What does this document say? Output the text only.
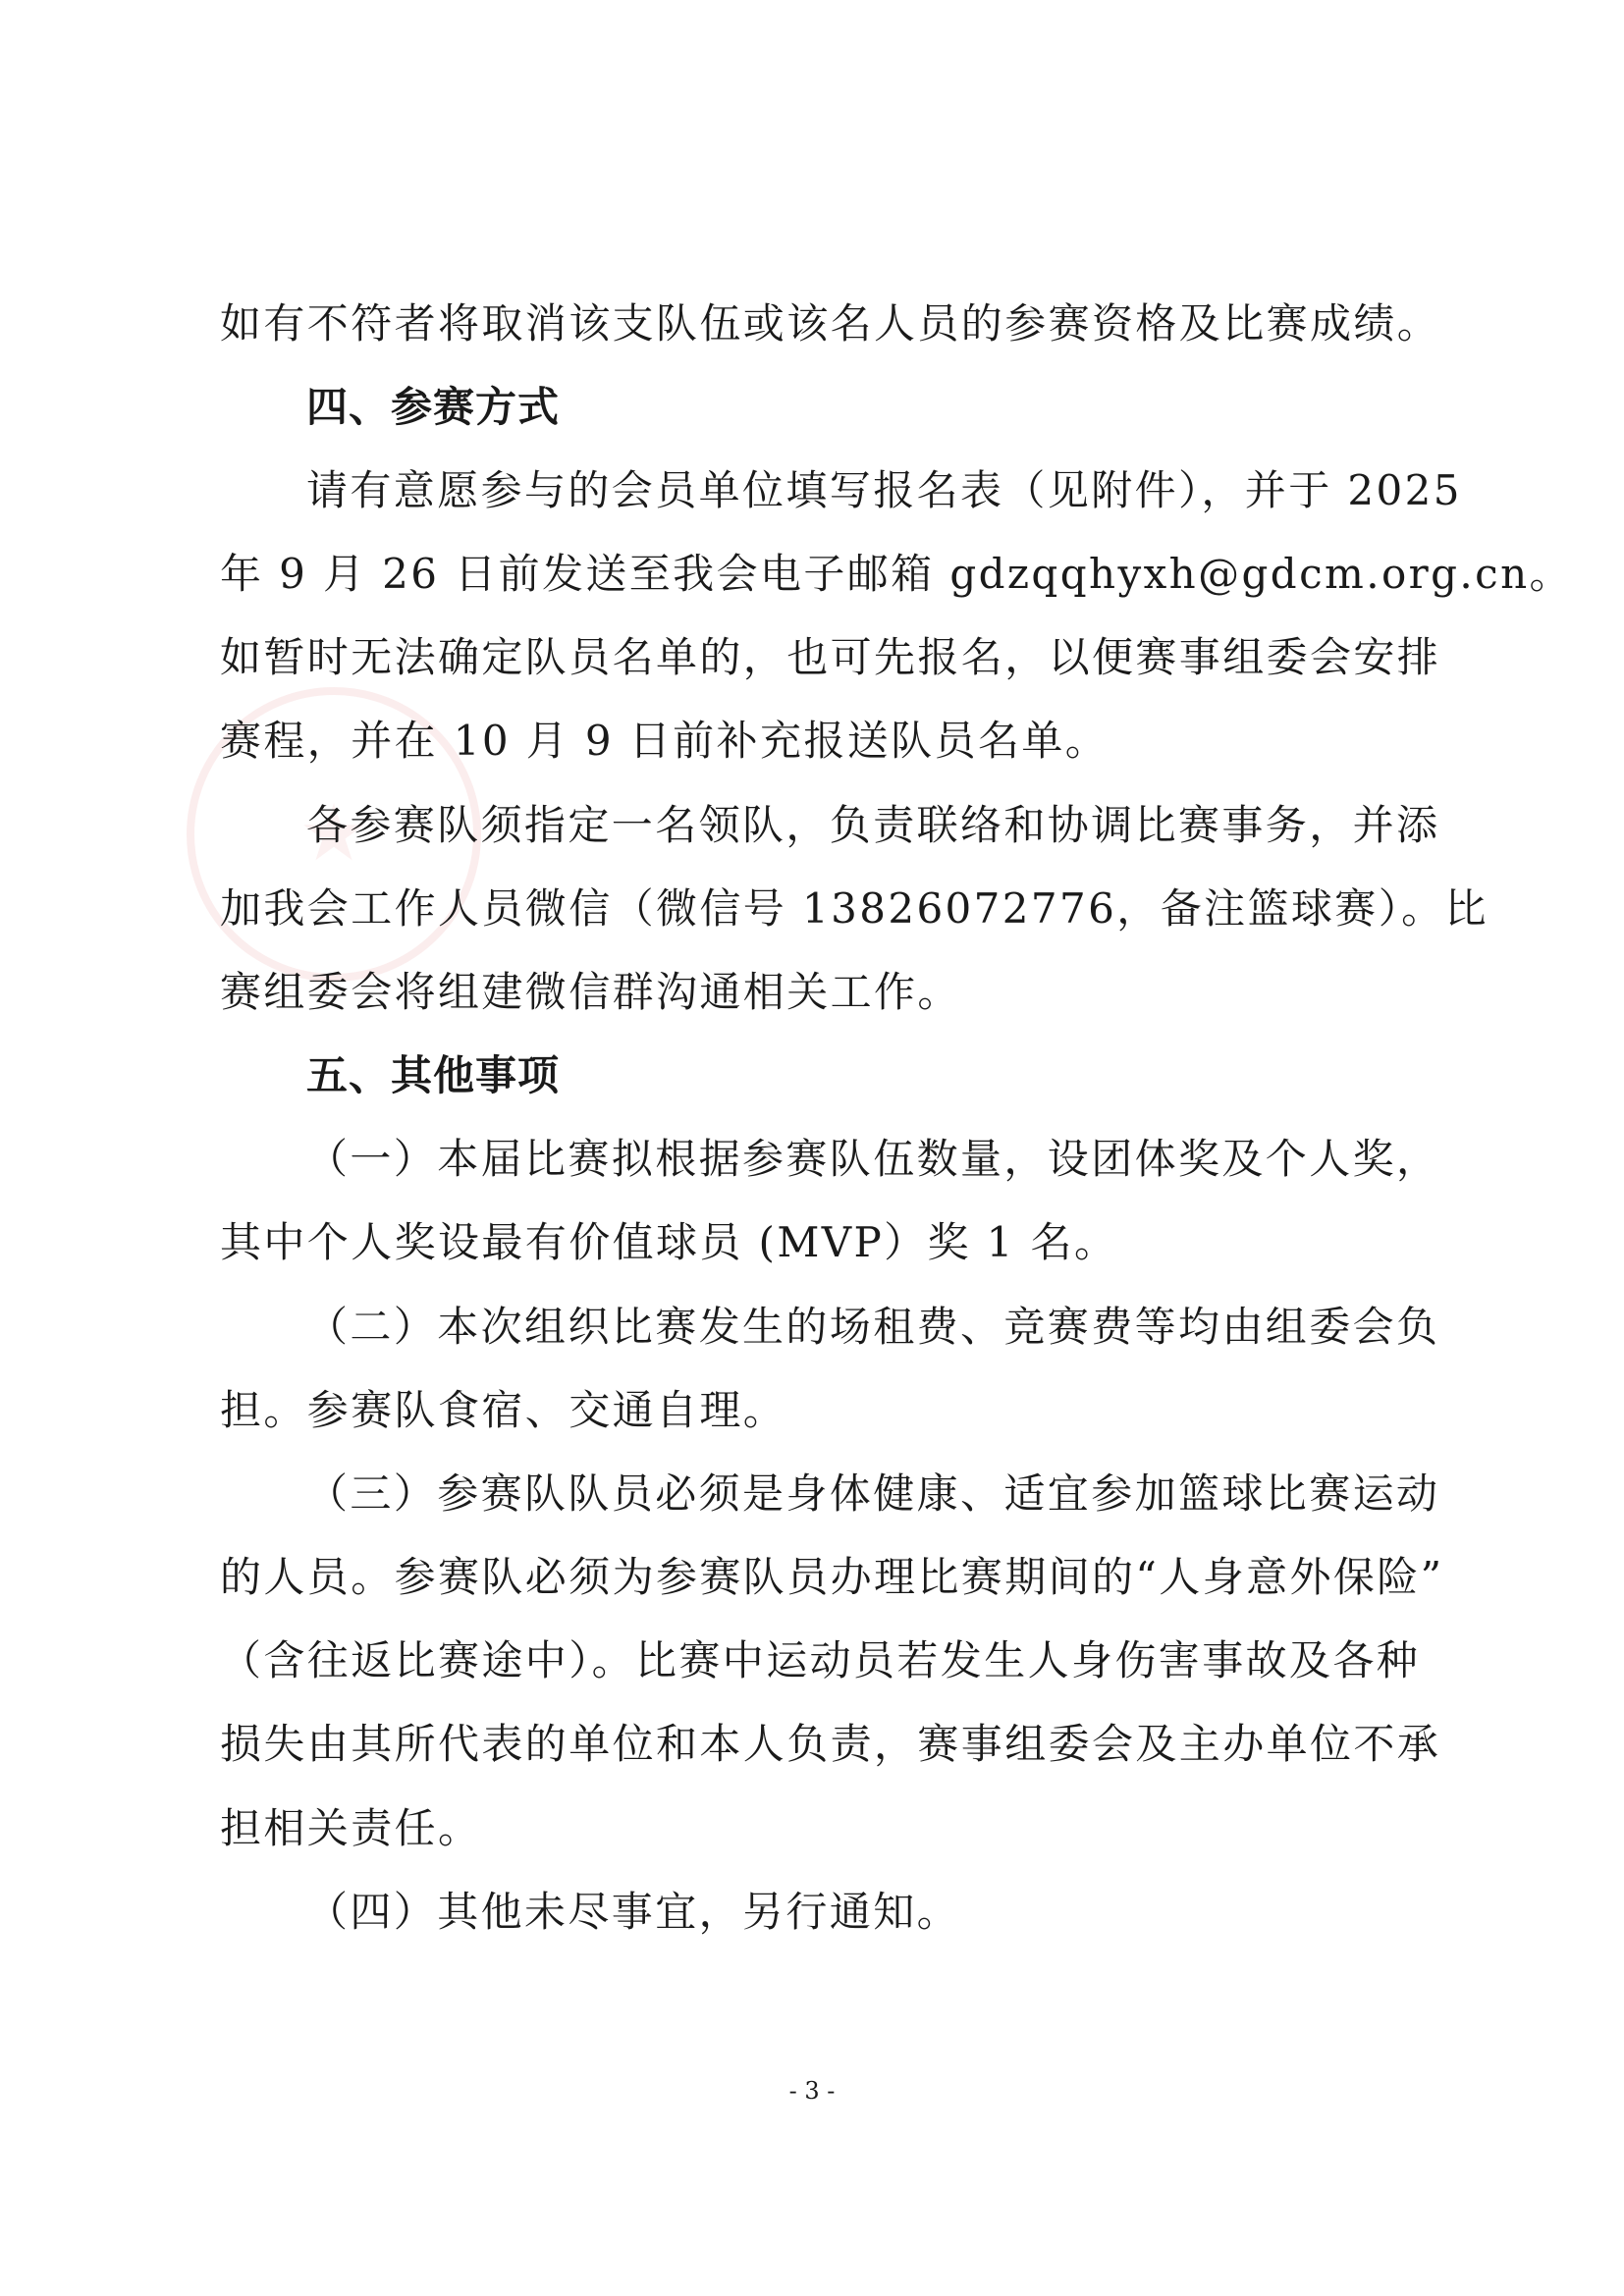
如有不符者将取消该支队伍或该名人员的参赛资格及比赛成绩。

四、参赛方式

请有意愿参与的会员单位填写报名表（见附件），并于 2025

年 9 月 26 日前发送至我会电子邮箱 gdzqqhyxh@gdcm.org.cn。

如暂时无法确定队员名单的，也可先报名，以便赛事组委会安排

赛程，并在 10 月 9 日前补充报送队员名单。

各参赛队须指定一名领队，负责联络和协调比赛事务，并添

加我会工作人员微信（微信号 13826072776，备注篮球赛）。比

赛组委会将组建微信群沟通相关工作。

五、其他事项

（一）本届比赛拟根据参赛队伍数量，设团体奖及个人奖，

其中个人奖设最有价值球员 (MVP）奖 1 名。

（二）本次组织比赛发生的场租费、竞赛费等均由组委会负

担。参赛队食宿、交通自理。

（三）参赛队队员必须是身体健康、适宜参加篮球比赛运动

的人员。参赛队必须为参赛队员办理比赛期间的“人身意外保险”

（含往返比赛途中）。比赛中运动员若发生人身伤害事故及各种

损失由其所代表的单位和本人负责，赛事组委会及主办单位不承

担相关责任。

（四）其他未尽事宜，另行通知。

- 3 -
